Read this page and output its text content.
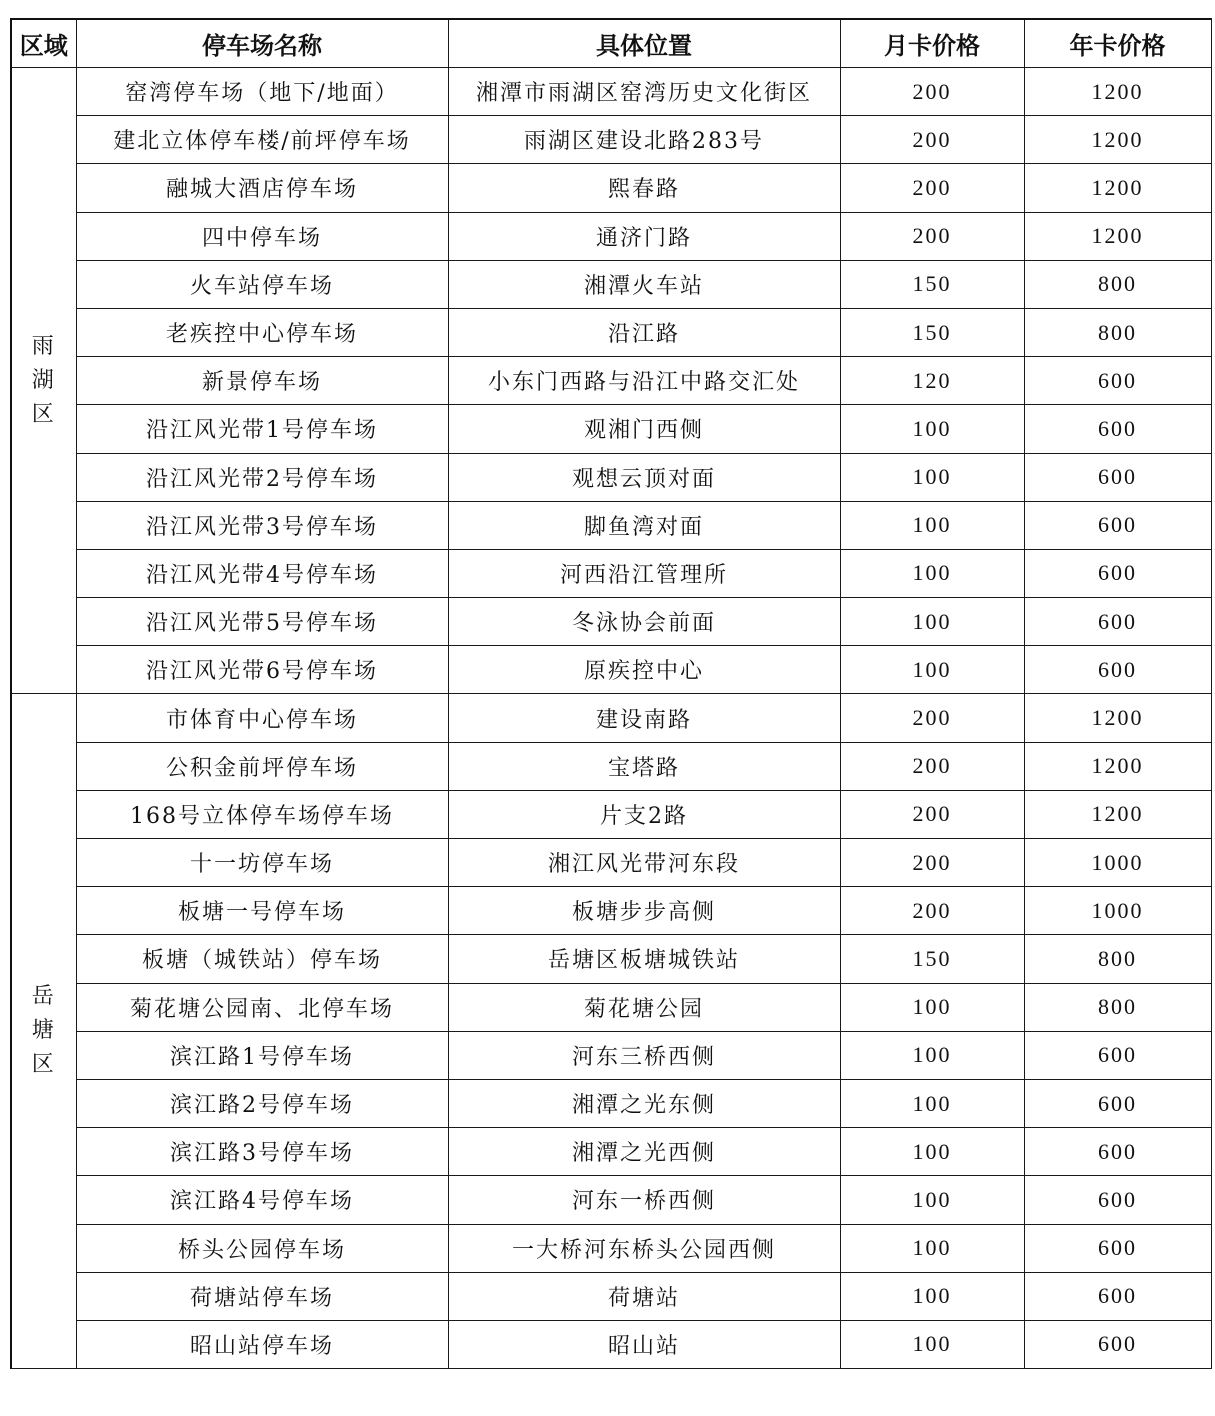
区域	停车场名称	具体位置	月卡价格	年卡价格

雨
湖
区	窑湾停车场（地下/地面）	湘潭市雨湖区窑湾历史文化街区	200	1200
	建北立体停车楼/前坪停车场	雨湖区建设北路283号	200	1200
	融城大酒店停车场	熙春路	200	1200
	四中停车场	通济门路	200	1200
	火车站停车场	湘潭火车站	150	800
	老疾控中心停车场	沿江路	150	800
	新景停车场	小东门西路与沿江中路交汇处	120	600
	沿江风光带1号停车场	观湘门西侧	100	600
	沿江风光带2号停车场	观想云顶对面	100	600
	沿江风光带3号停车场	脚鱼湾对面	100	600
	沿江风光带4号停车场	河西沿江管理所	100	600
	沿江风光带5号停车场	冬泳协会前面	100	600
	沿江风光带6号停车场	原疾控中心	100	600

岳
塘
区	市体育中心停车场	建设南路	200	1200
	公积金前坪停车场	宝塔路	200	1200
	168号立体停车场停车场	片支2路	200	1200
	十一坊停车场	湘江风光带河东段	200	1000
	板塘一号停车场	板塘步步高侧	200	1000
	板塘（城铁站）停车场	岳塘区板塘城铁站	150	800
	菊花塘公园南、北停车场	菊花塘公园	100	800
	滨江路1号停车场	河东三桥西侧	100	600
	滨江路2号停车场	湘潭之光东侧	100	600
	滨江路3号停车场	湘潭之光西侧	100	600
	滨江路4号停车场	河东一桥西侧	100	600
	桥头公园停车场	一大桥河东桥头公园西侧	100	600
	荷塘站停车场	荷塘站	100	600
	昭山站停车场	昭山站	100	600
